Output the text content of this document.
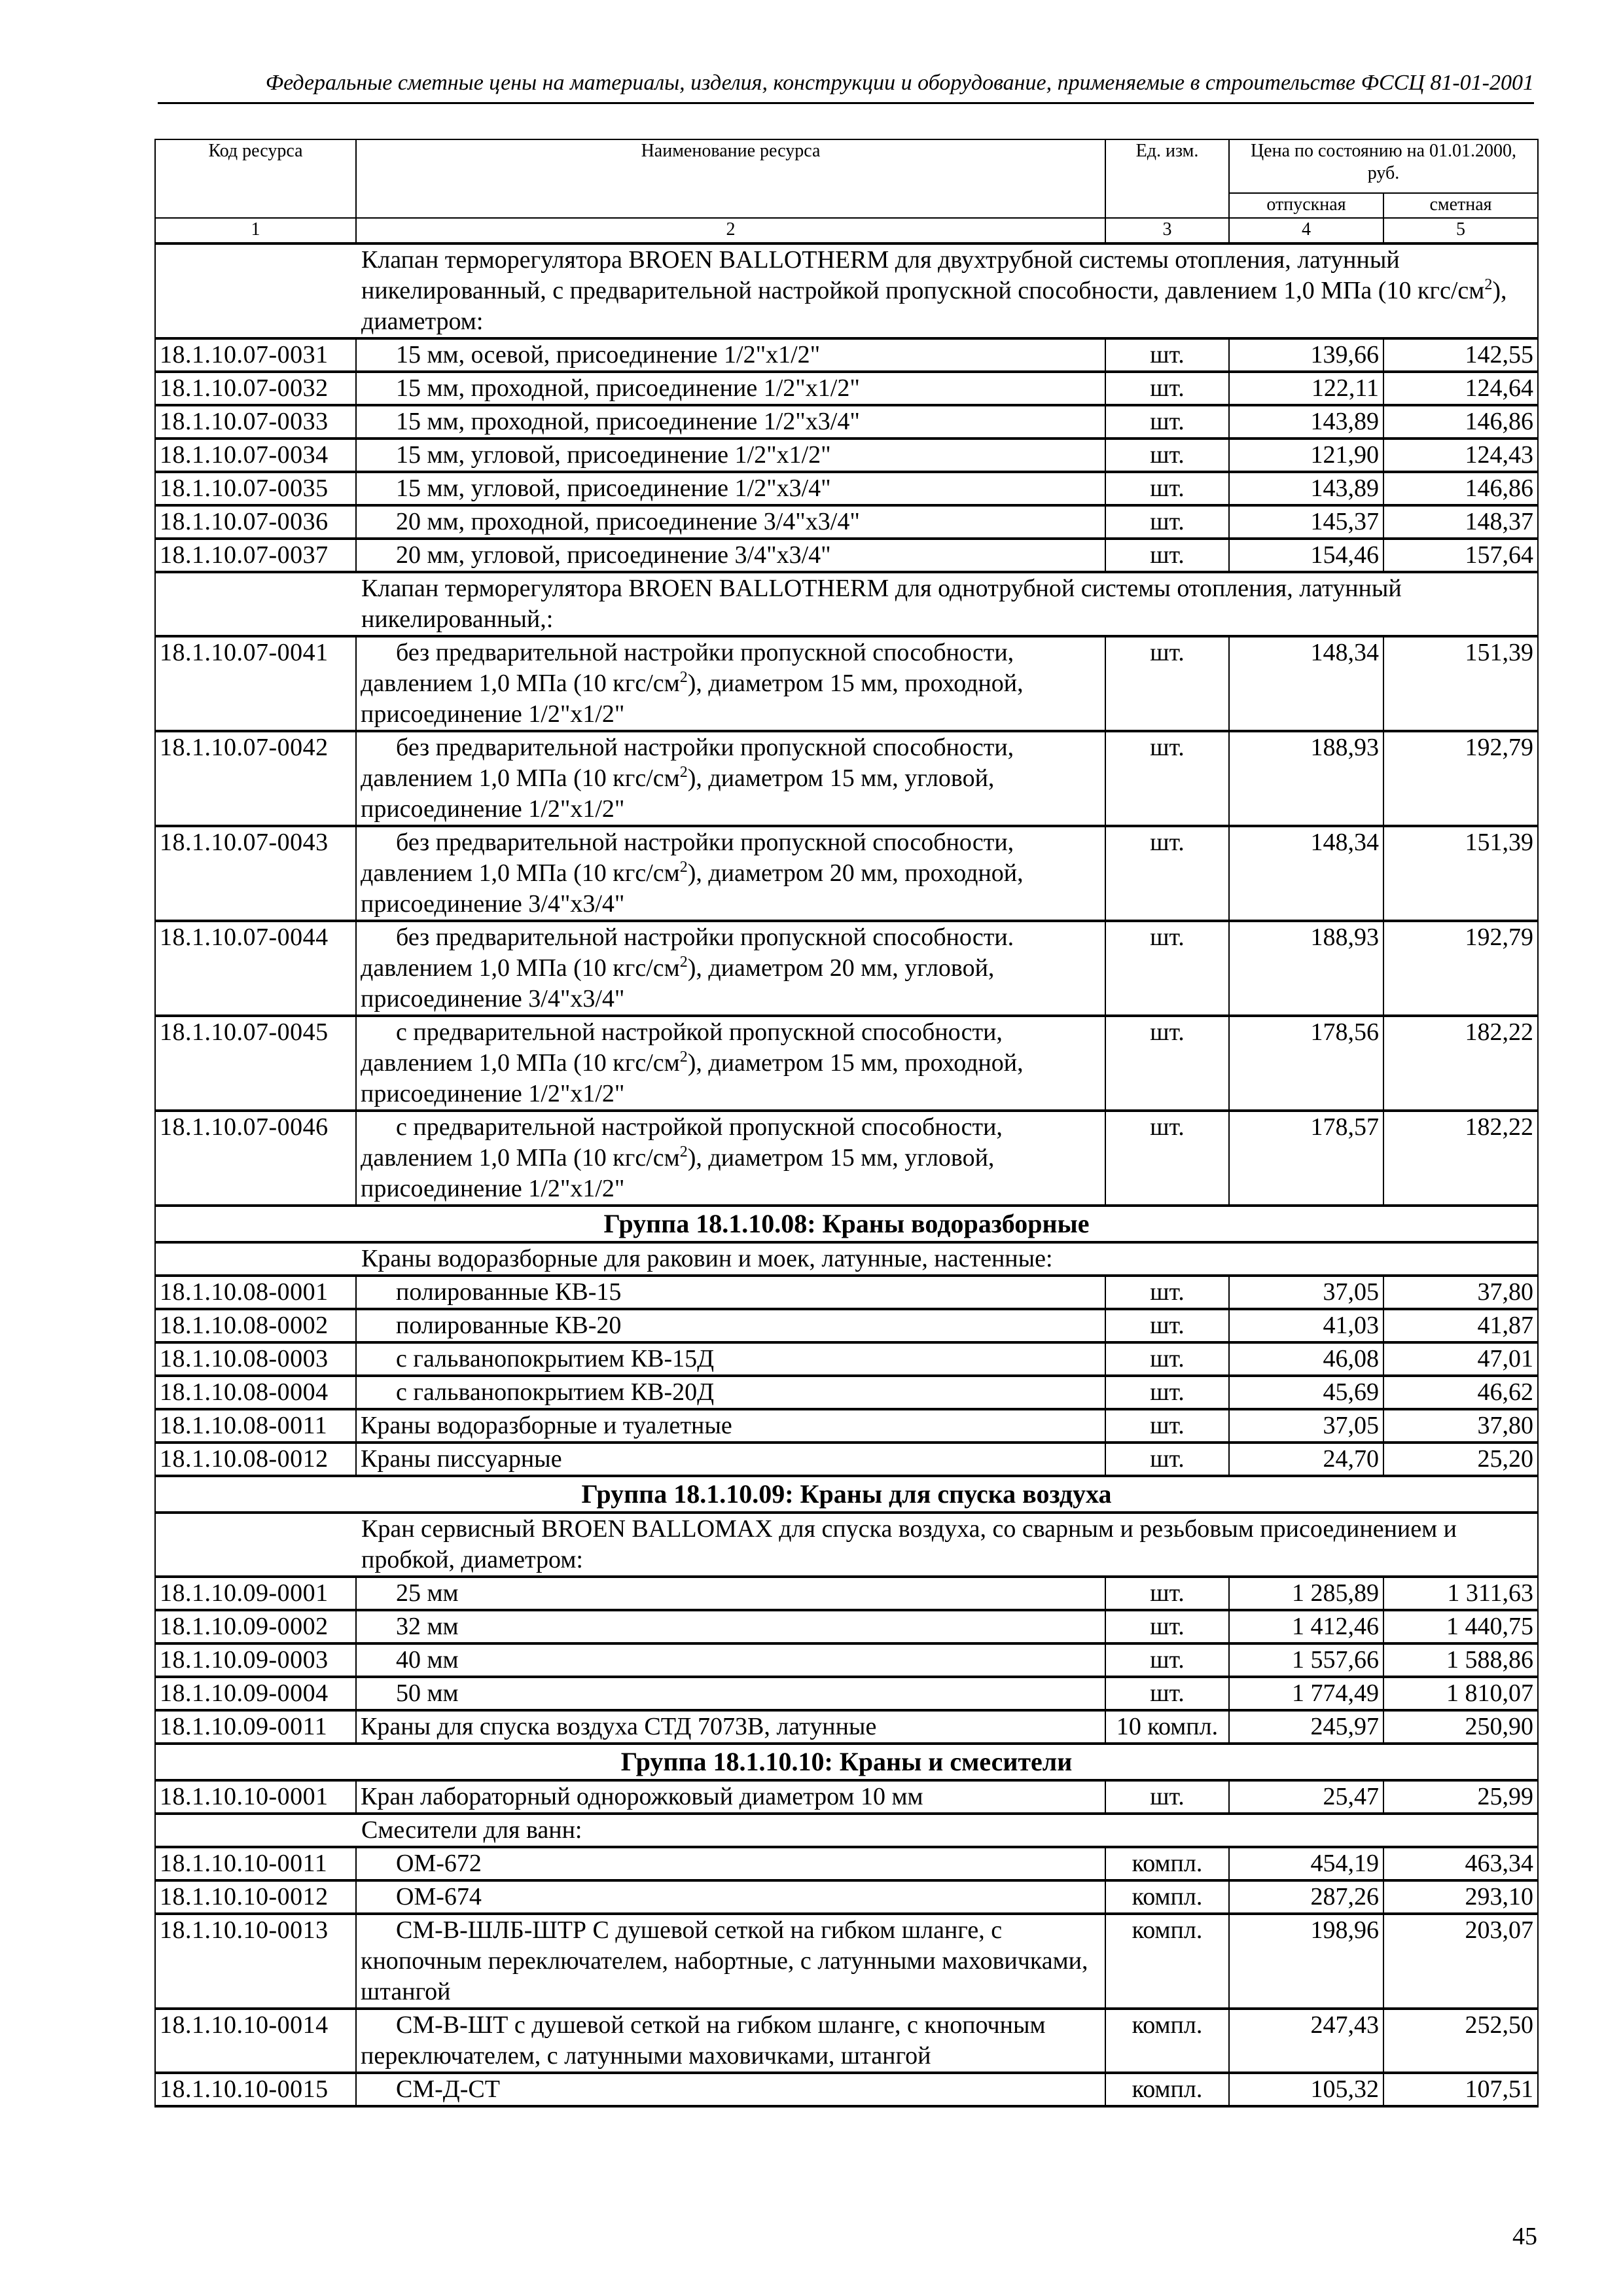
Федеральные сметные цены на материалы, изделия, конструкции и оборудование, применяемые в строительстве ФССЦ 81-01-2001
Код ресурса	Наименование ресурса	Ед. изм.	Цена по состоянию на 01.01.2000, руб.	
			отпускная	сметная
1	2	3	4	5
	Клапан терморегулятора BROEN BALLOTHERM для двухтрубной системы отопления, латунный никелированный, с предварительной настройкой пропускной способности, давлением 1,0 МПа (10 кгс/$см^2$), диаметром:			
18.1.10.07-0031	15 мм, осевой, присоединение 1/2"х1/2"	шт.	139,66	142,55
18.1.10.07-0032	15 мм, проходной, присоединение 1/2"х1/2"	шт.	122,11	124,64
18.1.10.07-0033	15 мм, проходной, присоединение 1/2"х3/4"	шт.	143,89	146,86
18.1.10.07-0034	15 мм, угловой, присоединение 1/2"х1/2"	шт.	121,90	124,43
18.1.10.07-0035	15 мм, угловой, присоединение 1/2"х3/4"	шт.	143,89	146,86
18.1.10.07-0036	20 мм, проходной, присоединение 3/4"х3/4"	шт.	145,37	148,37
18.1.10.07-0037	20 мм, угловой, присоединение 3/4"х3/4"	шт.	154,46	157,64
	Клапан терморегулятора BROEN BALLOTHERM для однотрубной системы отопления, латунный никелированный,:			
18.1.10.07-0041	без предварительной настройки пропускной способности, давлением 1,0 МПа (10 кгс/$см^2$), диаметром 15 мм, проходной, присоединение 1/2"х1/2"	шт.	148,34	151,39
18.1.10.07-0042	без предварительной настройки пропускной способности, давлением 1,0 МПа (10 кгс/$см^2$), диаметром 15 мм, угловой, присоединение 1/2"х1/2"	шт.	188,93	192,79
18.1.10.07-0043	без предварительной настройки пропускной способности, давлением 1,0 МПа (10 кгс/$см^2$), диаметром 20 мм, проходной, присоединение 3/4"х3/4"	шт.	148,34	151,39
18.1.10.07-0044	без предварительной настройки пропускной способности. давлением 1,0 МПа (10 кгс/$см^2$), диаметром 20 мм, угловой, присоединение 3/4"х3/4"	шт.	188,93	192,79
18.1.10.07-0045	с предварительной настройкой пропускной способности, давлением 1,0 МПа (10 кгс/$см^2$), диаметром 15 мм, проходной, присоединение 1/2"х1/2"	шт.	178,56	182,22
18.1.10.07-0046	с предварительной настройкой пропускной способности, давлением 1,0 МПа (10 кгс/$см^2$), диаметром 15 мм, угловой, присоединение 1/2"х1/2"	шт.	178,57	182,22
Группа 18.1.10.08: Краны водоразборные				
	Краны водоразборные для раковин и моек, латунные, настенные:			
18.1.10.08-0001	полированные КВ-15	шт.	37,05	37,80
18.1.10.08-0002	полированные КВ-20	шт.	41,03	41,87
18.1.10.08-0003	с гальванопокрытием КВ-15Д	шт.	46,08	47,01
18.1.10.08-0004	с гальванопокрытием КВ-20Д	шт.	45,69	46,62
18.1.10.08-0011	Краны водоразборные и туалетные	шт.	37,05	37,80
18.1.10.08-0012	Краны писсуарные	шт.	24,70	25,20
Группа 18.1.10.09: Краны для спуска воздуха				
	Кран сервисный BROEN BALLOMAX для спуска воздуха, со сварным и резьбовым присоединением и пробкой, диаметром:			
18.1.10.09-0001	25 мм	шт.	1 285,89	1 311,63
18.1.10.09-0002	32 мм	шт.	1 412,46	1 440,75
18.1.10.09-0003	40 мм	шт.	1 557,66	1 588,86
18.1.10.09-0004	50 мм	шт.	1 774,49	1 810,07
18.1.10.09-0011	Краны для спуска воздуха СТД 7073В, латунные	10 компл.	245,97	250,90
Группа 18.1.10.10: Краны и смесители				
18.1.10.10-0001	Кран лабораторный однорожковый диаметром 10 мм	шт.	25,47	25,99
	Смесители для ванн:			
18.1.10.10-0011	ОМ-672	компл.	454,19	463,34
18.1.10.10-0012	ОМ-674	компл.	287,26	293,10
18.1.10.10-0013	СМ-В-ШЛБ-ШТР С душевой сеткой на гибком шланге, с кнопочным переключателем, набортные, с латунными маховичками, штангой	компл.	198,96	203,07
18.1.10.10-0014	СМ-В-ШТ с душевой сеткой на гибком шланге, с кнопочным переключателем, с латунными маховичками, штангой	компл.	247,43	252,50
18.1.10.10-0015	СМ-Д-СТ	компл.	105,32	107,51
45
